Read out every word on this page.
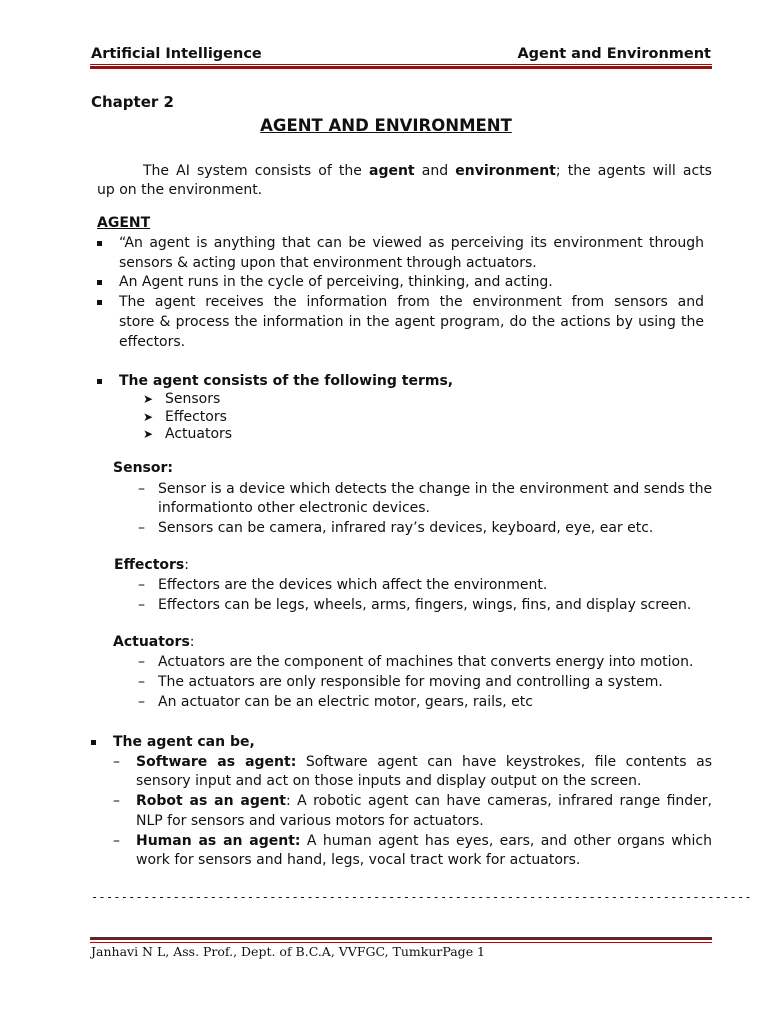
Artificial Intelligence	Agent and Environment
Chapter 2
AGENT AND ENVIRONMENT
The AI system consists of the agent and environment; the agents will acts
up on the environment.
AGENT
“An agent is anything that can be viewed as perceiving its environment through
sensors & acting upon that environment through actuators.
An Agent runs in the cycle of perceiving, thinking, and acting.
The agent receives the information from the environment from sensors and
store & process the information in the agent program, do the actions by using the
effectors.
The agent consists of the following terms,
➤ Sensors
➤ Effectors
➤ Actuators
Sensor:
– Sensor is a device which detects the change in the environment and sends the
informationto other electronic devices.
– Sensors can be camera, infrared ray’s devices, keyboard, eye, ear etc.
Effectors:
– Effectors are the devices which affect the environment.
– Effectors can be legs, wheels, arms, fingers, wings, fins, and display screen.
Actuators:
– Actuators are the component of machines that converts energy into motion.
– The actuators are only responsible for moving and controlling a system.
– An actuator can be an electric motor, gears, rails, etc
The agent can be,
– Software as agent: Software agent can have keystrokes, file contents as
sensory input and act on those inputs and display output on the screen.
– Robot as an agent: A robotic agent can have cameras, infrared range finder,
NLP for sensors and various motors for actuators.
– Human as an agent: A human agent has eyes, ears, and other organs which
work for sensors and hand, legs, vocal tract work for actuators.
-----------------------------------------------------------------------------------------
Janhavi N L, Ass. Prof., Dept. of B.C.A, VVFGC, TumkurPage 1
